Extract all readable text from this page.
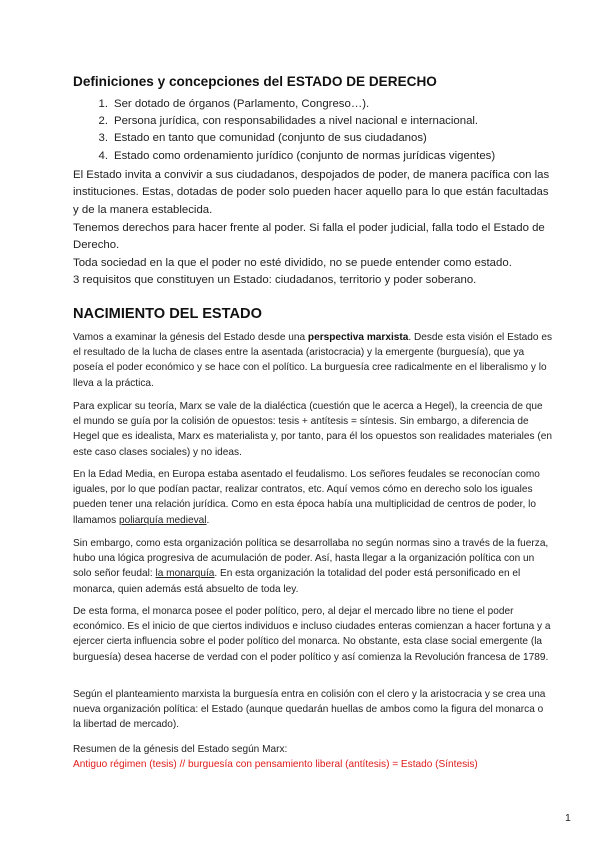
Definiciones y concepciones del ESTADO DE DERECHO
1. Ser dotado de órganos (Parlamento, Congreso…).
2. Persona jurídica, con responsabilidades a nivel nacional e internacional.
3. Estado en tanto que comunidad (conjunto de sus ciudadanos)
4. Estado como ordenamiento jurídico (conjunto de normas jurídicas vigentes)
El Estado invita a convivir a sus ciudadanos, despojados de poder, de manera pacífica con las instituciones. Estas, dotadas de poder solo pueden hacer aquello para lo que están facultadas y de la manera establecida.
Tenemos derechos para hacer frente al poder. Si falla el poder judicial, falla todo el Estado de Derecho.
Toda sociedad en la que el poder no esté dividido, no se puede entender como estado.
3 requisitos que constituyen un Estado: ciudadanos, territorio y poder soberano.
NACIMIENTO DEL ESTADO
Vamos a examinar la génesis del Estado desde una perspectiva marxista. Desde esta visión el Estado es el resultado de la lucha de clases entre la asentada (aristocracia) y la emergente (burguesía), que ya poseía el poder económico y se hace con el político. La burguesía cree radicalmente en el liberalismo y lo lleva a la práctica.
Para explicar su teoría, Marx se vale de la dialéctica (cuestión que le acerca a Hegel), la creencia de que el mundo se guía por la colisión de opuestos: tesis + antítesis = síntesis. Sin embargo, a diferencia de Hegel que es idealista, Marx es materialista y, por tanto, para él los opuestos son realidades materiales (en este caso clases sociales) y no ideas.
En la Edad Media, en Europa estaba asentado el feudalismo. Los señores feudales se reconocían como iguales, por lo que podían pactar, realizar contratos, etc. Aquí vemos cómo en derecho solo los iguales pueden tener una relación jurídica. Como en esta época había una multiplicidad de centros de poder, lo llamamos poliarquía medieval.
Sin embargo, como esta organización política se desarrollaba no según normas sino a través de la fuerza, hubo una lógica progresiva de acumulación de poder. Así, hasta llegar a la organización política con un solo señor feudal: la monarquía. En esta organización la totalidad del poder está personificado en el monarca, quien además está absuelto de toda ley.
De esta forma, el monarca posee el poder político, pero, al dejar el mercado libre no tiene el poder económico. Es el inicio de que ciertos individuos e incluso ciudades enteras comienzan a hacer fortuna y a ejercer cierta influencia sobre el poder político del monarca. No obstante, esta clase social emergente (la burguesía) desea hacerse de verdad con el poder político y así comienza la Revolución francesa de 1789.
Según el planteamiento marxista la burguesía entra en colisión con el clero y la aristocracia y se crea una nueva organización política: el Estado (aunque quedarán huellas de ambos como la figura del monarca o la libertad de mercado).
Resumen de la génesis del Estado según Marx:
Antiguo régimen (tesis) // burguesía con pensamiento liberal (antítesis) = Estado (Síntesis)
1
